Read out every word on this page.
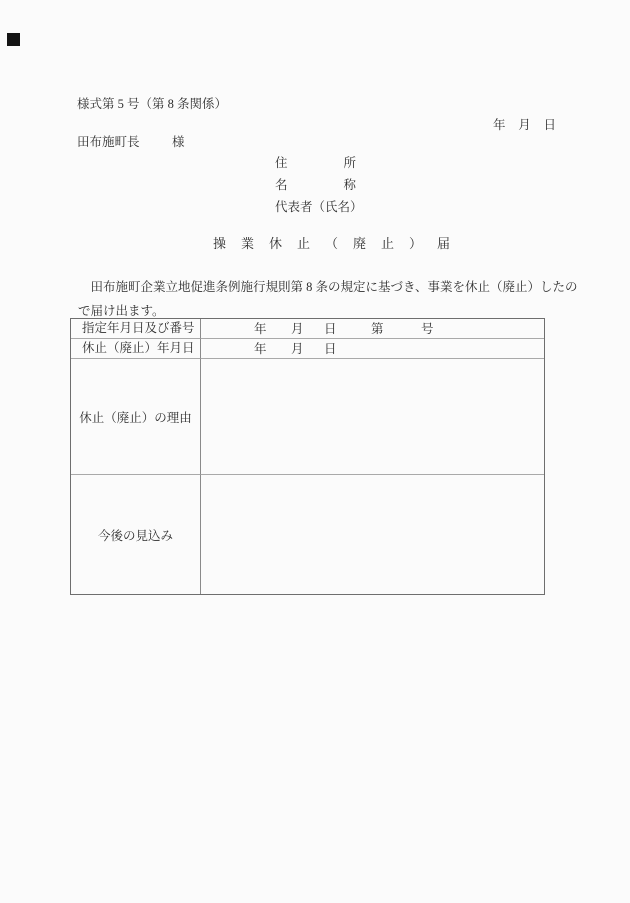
様式第 5 号（第 8 条関係）
年 月 日
田布施町長	様
住	所
名	称
代表者（氏名）
操業休止（廃止）届
田布施町企業立地促進条例施行規則第 8 条の規定に基づき、事業を休止（廃止）したの
で届け出ます。
指定年月日及び番号	年 月 日	第	号
休止（廃止）年月日	年 月 日
休止（廃止）の理由
今後の見込み
